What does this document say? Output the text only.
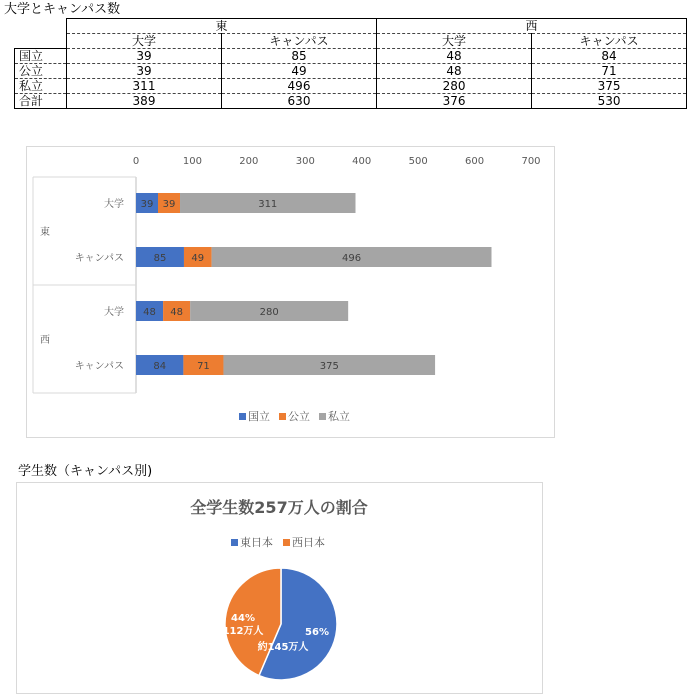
大学とキャンパス数
	東		西	
	大学	キャンパス	大学	キャンパス
国立	39	85	48	84
公立	39	49	48	71
私立	311	496	280	375
合計	389	630	376	530
0	100	200	300	400	500	600	700
東
西
大学 39 39	311
キャンパス	85	49	496
大学 48 48	280
キャンパス	84	71	375
国立 公立 私立
学生数（キャンパス別)
全学生数257万人の割合
東日本 西日本
56%
約145万人
44%
112万人
